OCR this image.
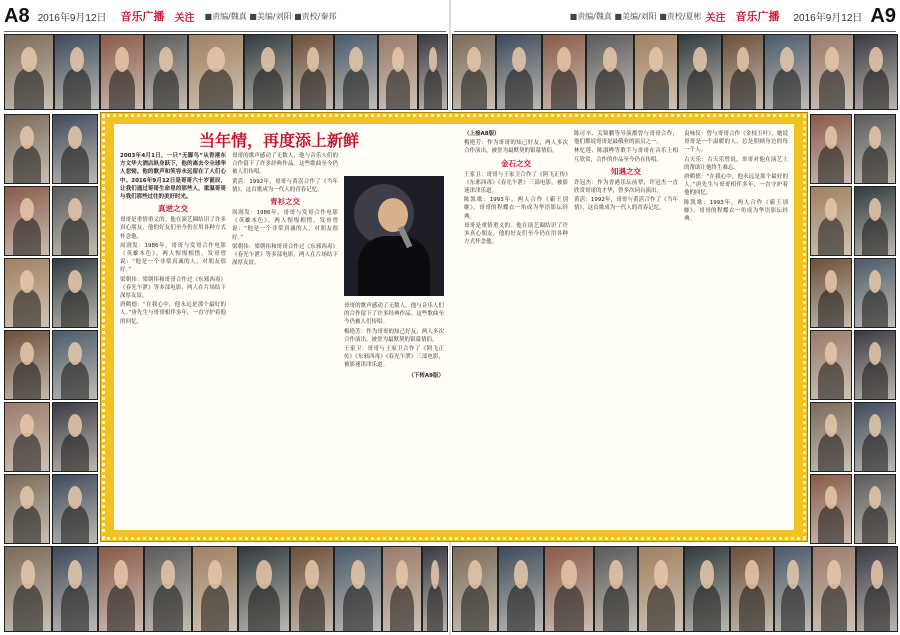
A8 2016年9月12日 音乐广播 关注 ■责编/魏真 ■美编/刘阳 ■责校/秦邦	■责编/魏真 ■美编/刘阳 ■责校/夏彬 关注 音乐广播 2016年9月12日 A9
当年情，再度添上新鲜

2003年4月1日，一只“无脚鸟”从香港东方文华大酒店纵身跃下，他的离去令全球华人悲恸。他的歌声和笑容永远留在了人们心中。2016年9月12日是哥哥六十岁诞辰，让我们通过哥哥生命里的那些人，重温哥哥与我们那些过往的美好时光。

真逆之交

哥哥是重情重义的。他在演艺圈结识了许多真心朋友，他的好友们至今仍在用各种方式怀念他。

周润发：1986年，哥哥与发哥合作电影《英雄本色》，两人惺惺相惜。发哥曾说：“他是一个非常真诚的人，对朋友很好。”

梁朝伟：梁朝伟和哥哥合作过《东邪西毒》《春光乍泄》等多部电影，两人在片场结下深厚友谊。

唐鹤德：“在我心中，他永远是那个最好的人。”唐先生与哥哥相伴多年，一直守护着他的回忆。

哥哥的歌声感动了无数人，他与音乐人们的合作留下了许多经典作品。这些歌曲至今仍被人们传唱。

黄霑：1992年，哥哥与黄霑合作了《当年情》，这首歌成为一代人的青春记忆。

青衫之交

周润发：1986年，哥哥与发哥合作电影《英雄本色》，两人惺惺相惜。发哥曾说：“他是一个非常真诚的人，对朋友很好。”

梁朝伟：梁朝伟和哥哥合作过《东邪西毒》《春光乍泄》等多部电影，两人在片场结下深厚友谊。

哥哥的歌声感动了无数人，他与音乐人们的合作留下了许多经典作品。这些歌曲至今仍被人们传唱。

梅艳芳：作为哥哥的知己好友，两人多次合作演出，被誉为最默契的银幕情侣。

王家卫：哥哥与王家卫合作了《阿飞正传》《东邪西毒》《春光乍泄》三部电影，被影迷津津乐道。

（下转A9版）

（上接A8版）

梅艳芳：作为哥哥的知己好友，两人多次合作演出，被誉为最默契的银幕情侣。

金石之交

王家卫：哥哥与王家卫合作了《阿飞正传》《东邪西毒》《春光乍泄》三部电影，被影迷津津乐道。

陈凯歌：1993年，两人合作《霸王别姬》，哥哥的程蝶衣一角成为华语影坛经典。

哥哥是重情重义的。他在演艺圈结识了许多真心朋友，他的好友们至今仍在用各种方式怀念他。

陈可辛、关锦鹏等导演都曾与哥哥合作，他们都说哥哥是最敬业的演员之一。

林忆莲、陈淑桦等歌手与哥哥在音乐上相互欣赏，合作的作品至今仍在传唱。

知遇之交

许冠杰：作为香港乐坛前辈，许冠杰一直欣赏哥哥的才华，曾多次同台演出。

黄霑：1992年，哥哥与黄霑合作了《当年情》，这首歌成为一代人的青春记忆。

袁咏仪：曾与哥哥合作《金枝玉叶》，她说哥哥是一个温暖的人，总是照顾身边的每一个人。

古天乐：古天乐曾说，哥哥对他在演艺上的帮助让他终生难忘。

唐鹤德：“在我心中，他永远是那个最好的人。”唐先生与哥哥相伴多年，一直守护着他的回忆。

陈凯歌：1993年，两人合作《霸王别姬》，哥哥的程蝶衣一角成为华语影坛经典。
